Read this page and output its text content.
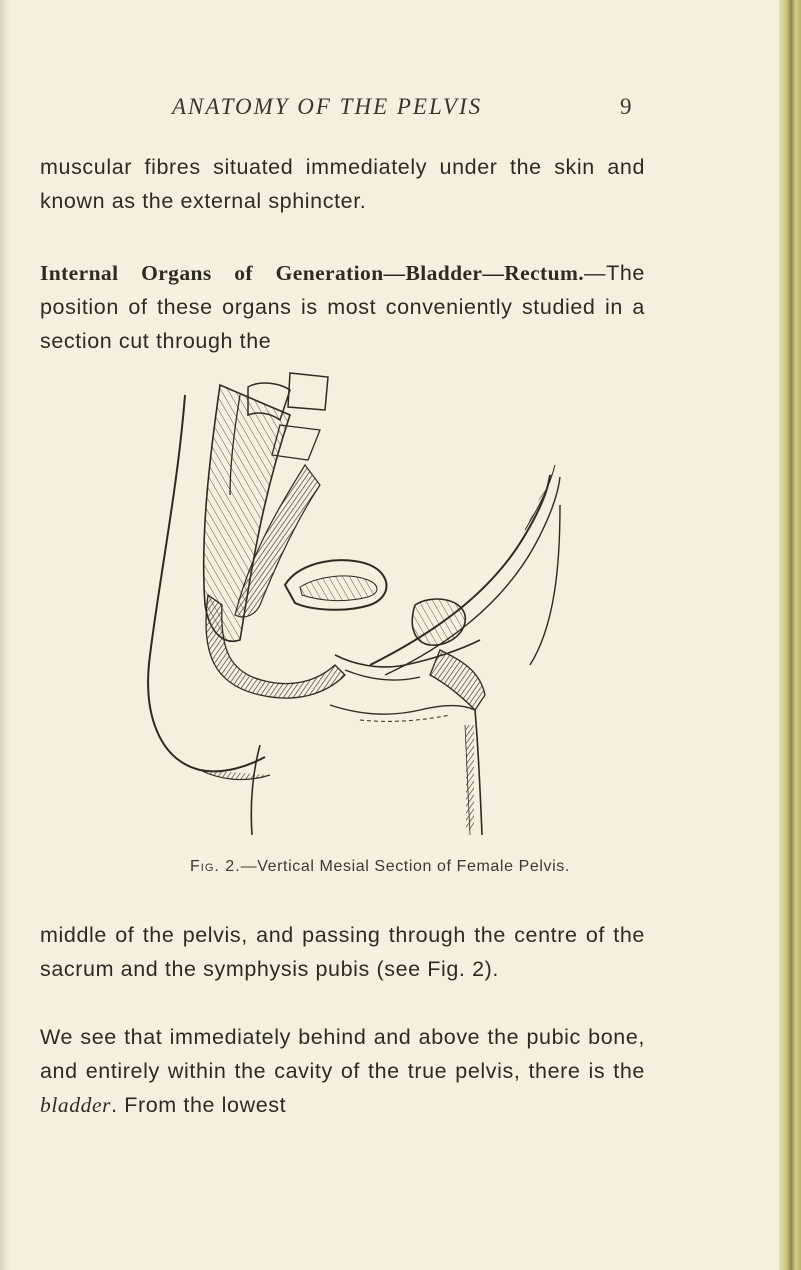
ANATOMY OF THE PELVIS	9

muscular fibres situated immediately under the skin and known as the external sphincter.

Internal Organs of Generation—Bladder—Rectum.—The position of these organs is most conveniently studied in a section cut through the

Fig. 2.—Vertical Mesial Section of Female Pelvis.

middle of the pelvis, and passing through the centre of the sacrum and the symphysis pubis (see Fig. 2).

We see that immediately behind and above the pubic bone, and entirely within the cavity of the true pelvis, there is the bladder. From the lowest
